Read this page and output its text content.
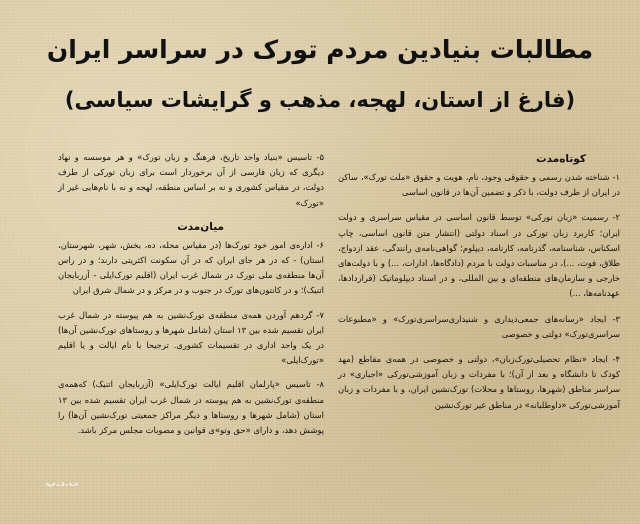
مطالبات بنیادین مردم تورک در سراسر ایران
(فارغ از استان، لهجه، مذهب و گرایشات سیاسی)
کوتاه‌مدت

۱- شناخته شدن رسمی و حقوقی وجود، نام، هویت و حقوق «ملت تورک»، ساکن در ایران از طرف دولت، با ذکر و تضمین آن‌ها در قانون اساسی

۲- رسمیت «زبان تورکی» توسط قانون اساسی در مقیاس سراسری و دولت ایران؛ کاربرد زبان تورکی در اسناد دولتی (انتشار متن قانون اساسی، چاپ اسکناس، شناسنامه، گذرنامه، کارنامه، دیپلوم؛ گواهی‌نامه‌ی رانندگی، عقد ازدواج، طلاق، فوت، ...)، در مناسبات دولت با مردم (دادگاه‌ها، ادارات، ...) و با دولت‌های خارجی و سازمان‌های منطقه‌ای و بین المللی، و در اسناد دیپلوماتیک (قراردادها، عهدنامه‌ها، ...)

۳- ایجاد «رسانه‌های جمعی‌دیداری و شنیداری‌سراسری‌تورک» و «مطبوعات سراسری‌تورک» دولتی و خصوصی

۴- ایجاد «نظام تحصیلی‌تورک‌زبان»، دولتی و خصوصی در همه‌ی مقاطع (مهد کودک تا دانشگاه و بعد از آن)؛ با مفردات و زبان آموزشی‌تورکی «اجباری» در سراسر مناطق (شهرها، روستاها و محلات) تورک‌نشین ایران، و با مفردات و زبان آموزشی‌تورکی «داوطلبانه» در مناطق غیر تورک‌نشین

۵- تاسیس «بنیاد واحد تاریخ، فرهنگ و زبان تورک» و هر موسسه و نهاد دیگری که زبان فارسی از آن برخوردار است برای زبان تورکی از طرف دولت، در مقیاس کشوری و نه بر اساس منطقه، لهجه و نه با نام‌هایی غیر از «تورک»

میان‌مدت

۶- اداره‌ی امور خود تورک‌ها (در مقیاس محله، ده، بخش، شهر، شهرستان، استان) - که در هر جای ایران که در آن سکونت اکثریتی دارند؛ و در راس آن‌ها منطقه‌ی ملی تورک در شمال غرب ایران (اقلیم تورک‌ایلی - آزربایجان اتنیک)؛ و در کانتون‌های تورک در جنوب و در مرکز و در شمال شرق ایران

۷- گردهم آوردن همه‌ی منطقه‌ی تورک‌نشین به هم پیوسته در شمال غرب ایران تقسیم شده بین ۱۳ استان (شامل شهرها و روستاهای تورک‌نشین آن‌ها) در یک واحد اداری در تقسیمات کشوری. ترجیحا با نام ایالت و یا اقلیم «تورک‌ایلی»

۸- تاسیس «پارلمان اقلیم ایالت تورک‌ایلی» (آزربایجان اتنیک) که‌همه‌ی منطقه‌ی تورک‌نشین به هم پیوسته در شمال غرب ایران تقسیم شده بین ۱۳ استان (شامل شهرها و روستاها و دیگر مراکز جمعیتی تورک‌نشین آن‌ها) را پوشش دهد، و دارای «حق وتو»ی قوانین و مصوبات مجلس مرکز باشد.

ت.د.پ
